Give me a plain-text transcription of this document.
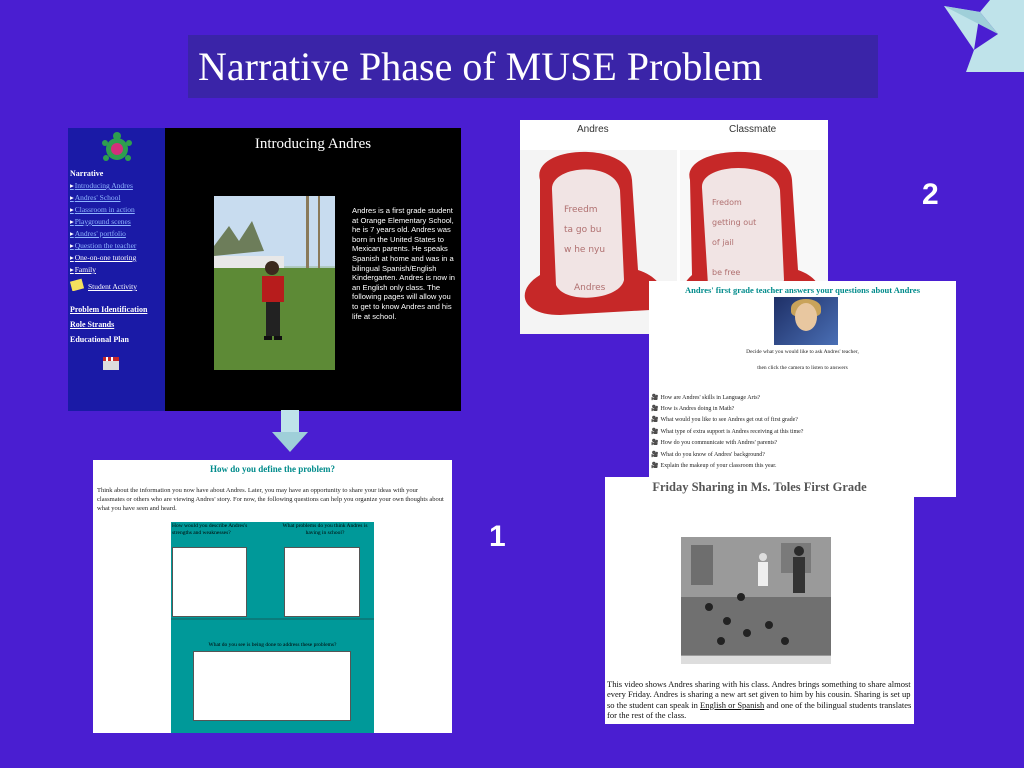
Narrative Phase of MUSE Problem
2
1
Narrative
▸ Introducing Andres
▸ Andres' School
▸ Classroom in action
▸ Playground scenes
▸ Andres' portfolio
▸ Question the teacher
▸ One-on-one tutoring
▸ Family
Student Activity
Problem Identification
Role Strands
Educational Plan
Introducing Andres
Andres is a first grade student at Orange Elementary School, he is 7 years old. Andres was born in the United States to Mexican parents. He speaks Spanish at home and was in a bilingual Spanish/English Kindergarten. Andres is now in an English only class. The following pages will allow you to get to know Andres and his life at school.
How do you define the problem?
Think about the information you now have about Andres. Later, you may have an opportunity to share your ideas with your classmates or others who are viewing Andres' story. For now, the following questions can help you organize your own thoughts about what you have seen and heard.
How would you describe Andres's strengths and weaknesses?
What problems do you think Andres is having in school?
What do you see is being done to address these problems?
Andres	Classmate
Freedm
ta go bu
w he nyu
Andres
Fredom
getting out
of jail
be free
Andres' first grade teacher answers your questions about Andres
Decide what you would like to ask Andres' teacher,
then click the camera to listen to answers
🎥 How are Andres' skills in Language Arts?
🎥 How is Andres doing in Math?
🎥 What would you like to see Andres get out of first grade?
🎥 What type of extra support is Andres receiving at this time?
🎥 How do you communicate with Andres' parents?
🎥 What do you know of Andres' background?
🎥 Explain the makeup of your classroom this year.
Friday Sharing in Ms. Toles First Grade
This video shows Andres sharing with his class. Andres brings something to share almost every Friday. Andres is sharing a new art set given to him by his cousin. Sharing is set up so the student can speak in English or Spanish and one of the bilingual students translates for the rest of the class.
